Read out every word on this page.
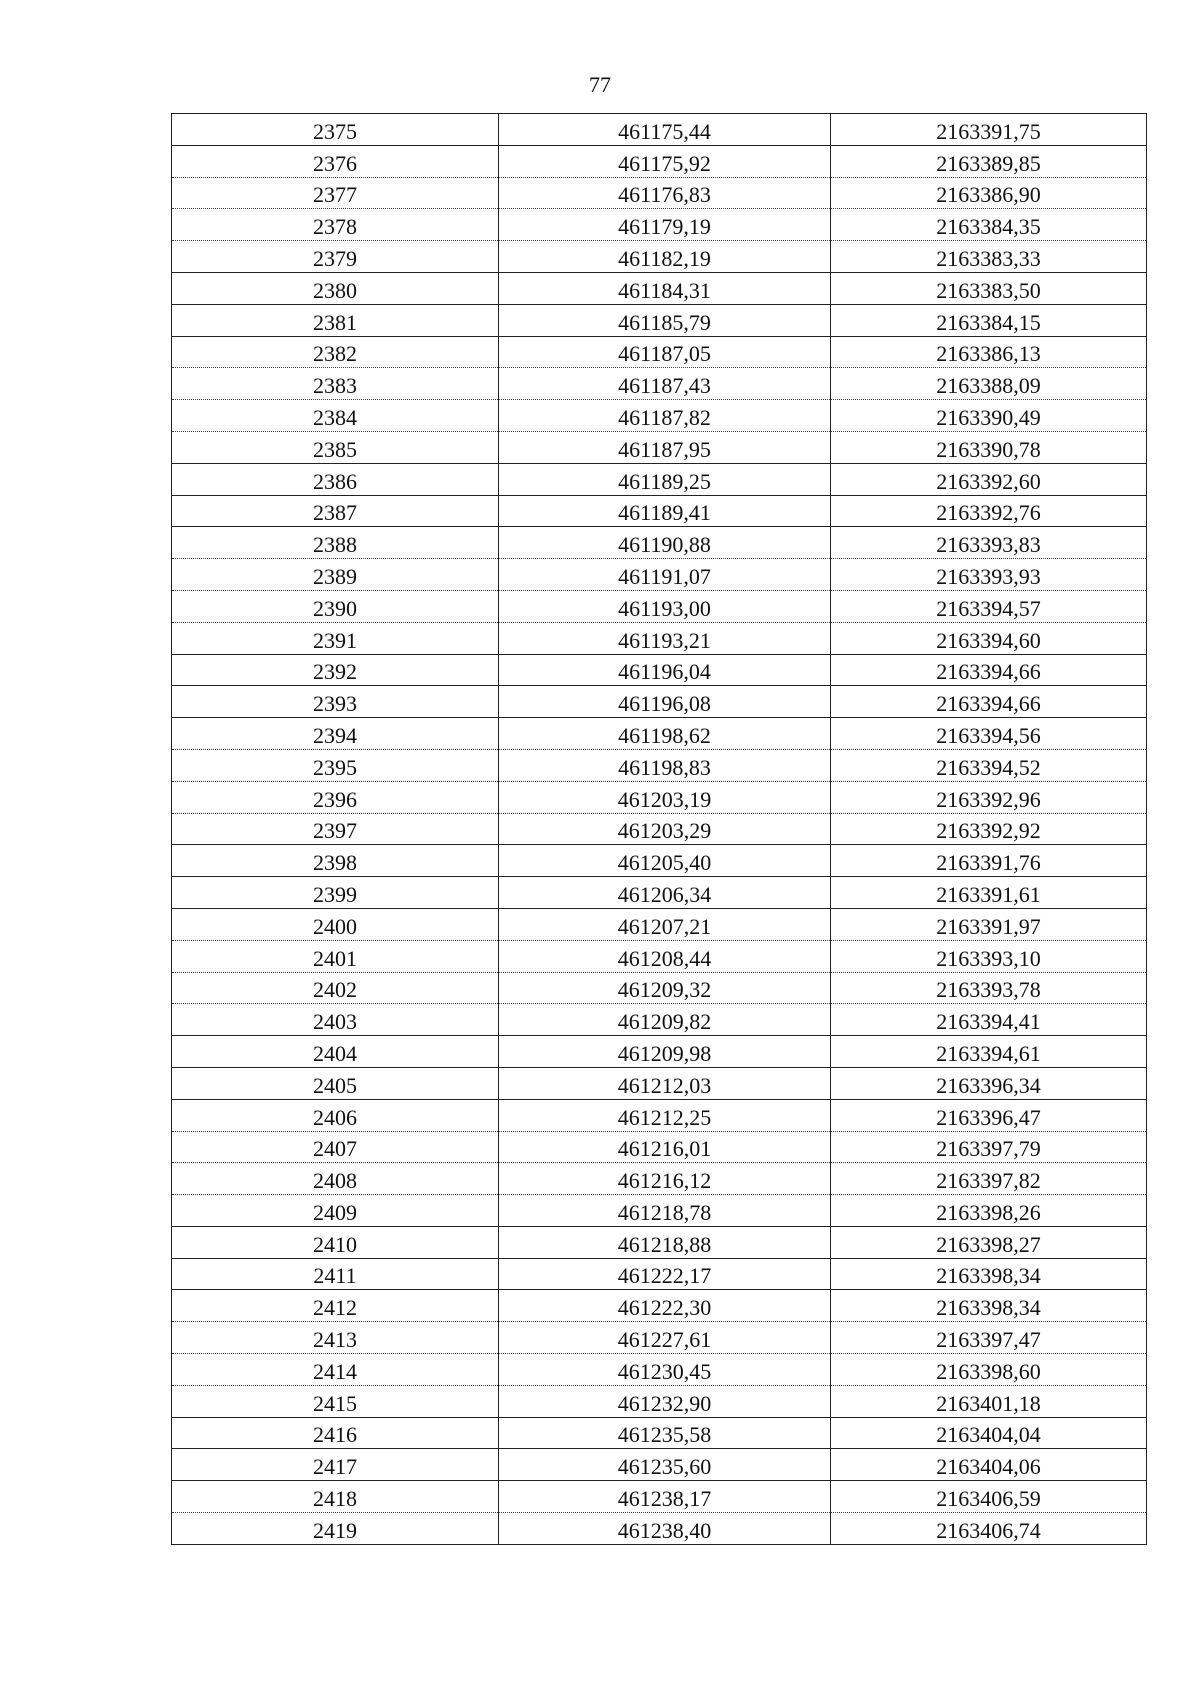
77
2375	461175,44	2163391,75
2376	461175,92	2163389,85
2377	461176,83	2163386,90
2378	461179,19	2163384,35
2379	461182,19	2163383,33
2380	461184,31	2163383,50
2381	461185,79	2163384,15
2382	461187,05	2163386,13
2383	461187,43	2163388,09
2384	461187,82	2163390,49
2385	461187,95	2163390,78
2386	461189,25	2163392,60
2387	461189,41	2163392,76
2388	461190,88	2163393,83
2389	461191,07	2163393,93
2390	461193,00	2163394,57
2391	461193,21	2163394,60
2392	461196,04	2163394,66
2393	461196,08	2163394,66
2394	461198,62	2163394,56
2395	461198,83	2163394,52
2396	461203,19	2163392,96
2397	461203,29	2163392,92
2398	461205,40	2163391,76
2399	461206,34	2163391,61
2400	461207,21	2163391,97
2401	461208,44	2163393,10
2402	461209,32	2163393,78
2403	461209,82	2163394,41
2404	461209,98	2163394,61
2405	461212,03	2163396,34
2406	461212,25	2163396,47
2407	461216,01	2163397,79
2408	461216,12	2163397,82
2409	461218,78	2163398,26
2410	461218,88	2163398,27
2411	461222,17	2163398,34
2412	461222,30	2163398,34
2413	461227,61	2163397,47
2414	461230,45	2163398,60
2415	461232,90	2163401,18
2416	461235,58	2163404,04
2417	461235,60	2163404,06
2418	461238,17	2163406,59
2419	461238,40	2163406,74
